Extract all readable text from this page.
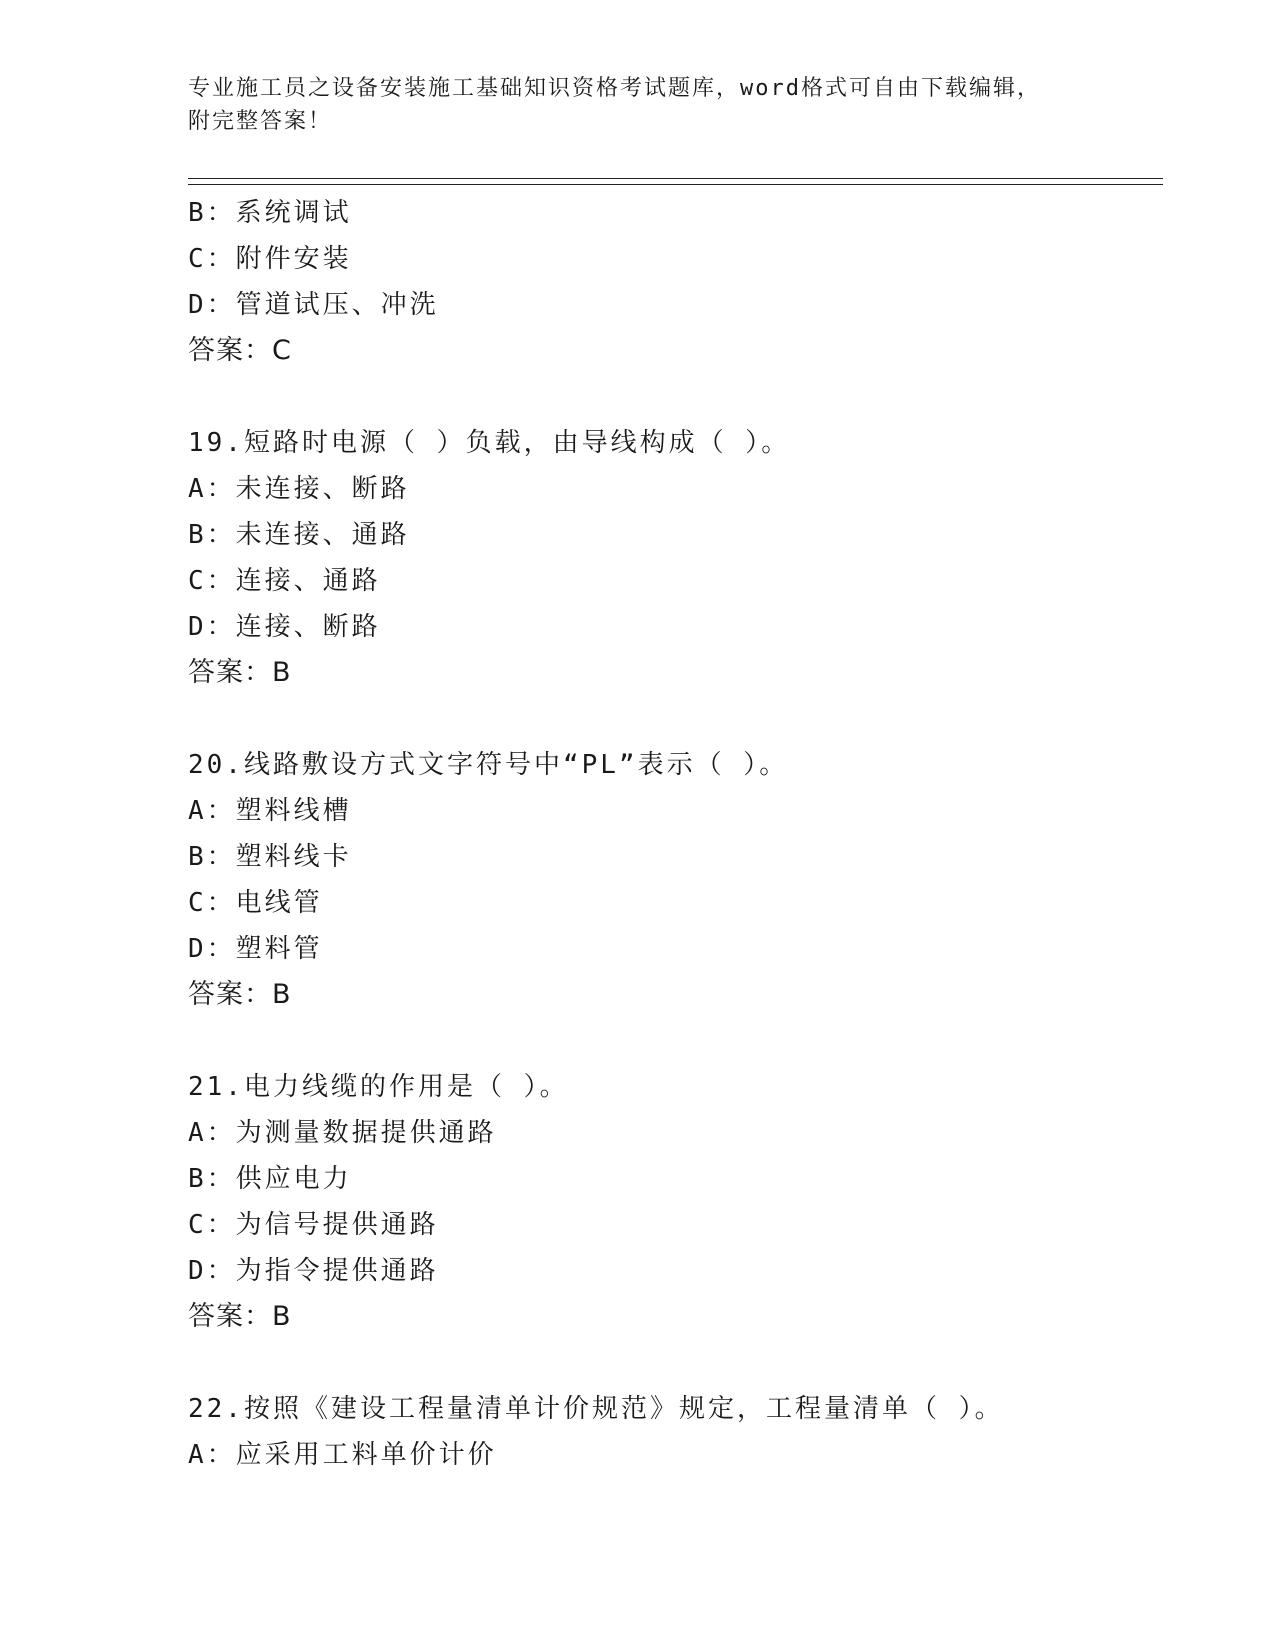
专业施工员之设备安装施工基础知识资格考试题库，word格式可自由下载编辑，
附完整答案！
B：系统调试
C：附件安装
D：管道试压、冲洗
答案：C
19.短路时电源（ ）负载，由导线构成（ ）。
A：未连接、断路
B：未连接、通路
C：连接、通路
D：连接、断路
答案：B
20.线路敷设方式文字符号中“PL”表示（ ）。
A：塑料线槽
B：塑料线卡
C：电线管
D：塑料管
答案：B
21.电力线缆的作用是（ ）。
A：为测量数据提供通路
B：供应电力
C：为信号提供通路
D：为指令提供通路
答案：B
22.按照《建设工程量清单计价规范》规定，工程量清单（ ）。
A：应采用工料单价计价
